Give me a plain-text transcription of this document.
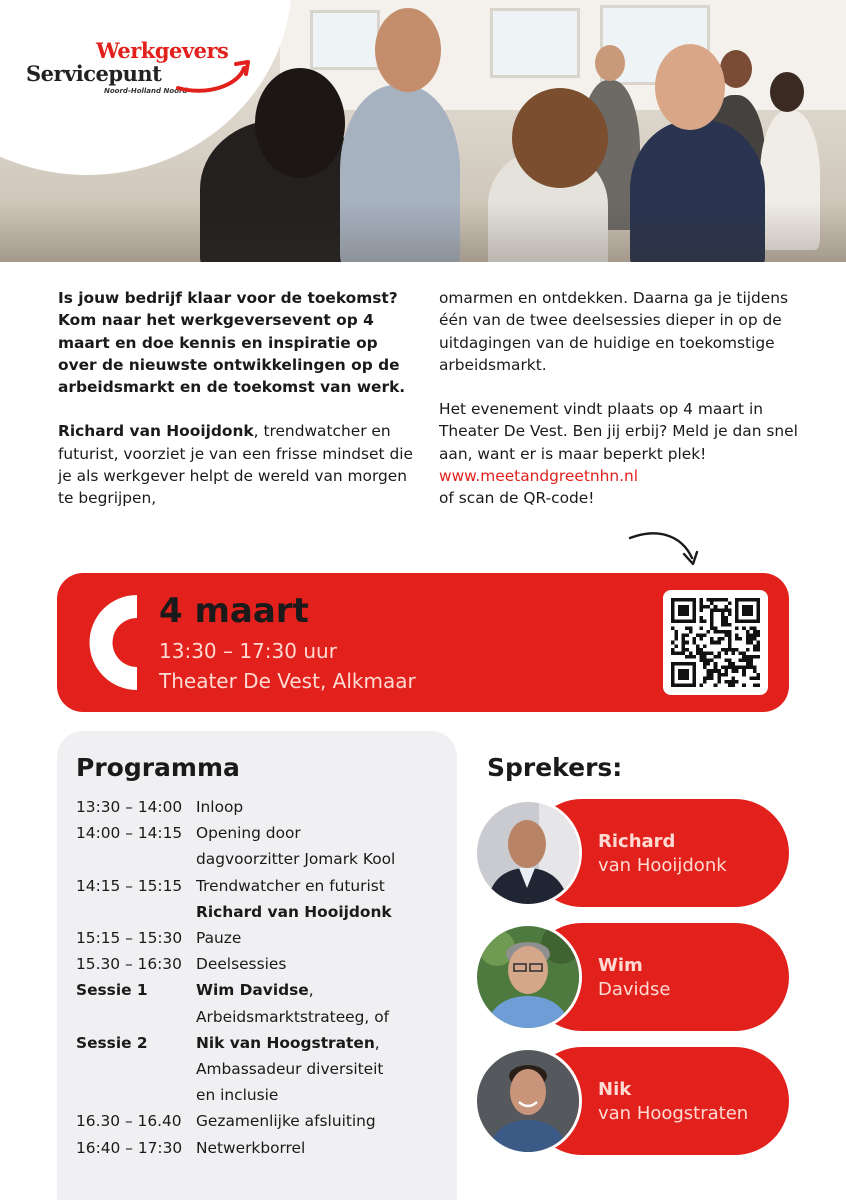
Werkgevers
Servicepunt
Noord-Holland Noord

Is jouw bedrijf klaar voor de toekomst? Kom naar het werkgeversevent op 4 maart en doe kennis en inspiratie op over de nieuwste ontwikkelingen op de arbeidsmarkt en de toekomst van werk.

Richard van Hooijdonk, trendwatcher en futurist, voorziet je van een frisse mindset die je als werkgever helpt de wereld van morgen te begrijpen,

omarmen en ontdekken. Daarna ga je tijdens één van de twee deelsessies dieper in op de uitdagingen van de huidige en toekomstige arbeidsmarkt.

Het evenement vindt plaats op 4 maart in Theater De Vest. Ben jij erbij? Meld je dan snel aan, want er is maar beperkt plek!

www.meetandgreetnhn.nl
of scan de QR-code!
4 maart
13:30 – 17:30 uur
Theater De Vest, Alkmaar
Programma
13:30 – 14:00 Inloop
14:00 – 14:15 Opening door
dagvoorzitter Jomark Kool
14:15 – 15:15 Trendwatcher en futurist
Richard van Hooijdonk
15:15 – 15:30 Pauze
15.30 – 16:30 Deelsessies
Sessie 1	Wim Davidse,
Arbeidsmarktstrateeg, of
Sessie 2	Nik van Hoogstraten,
Ambassadeur diversiteit
en inclusie
16.30 – 16.40 Gezamenlijke afsluiting
16:40 – 17:30 Netwerkborrel
Sprekers:
Richard
van Hooijdonk
Wim
Davidse
Nik
van Hoogstraten
